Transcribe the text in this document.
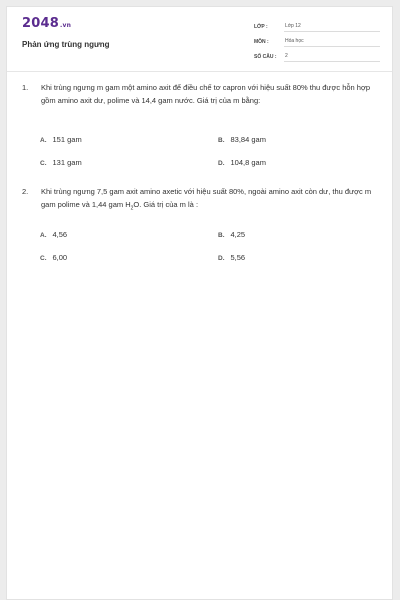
2048.vn
Phản ứng trùng ngưng
LỚP :	Lớp 12
MÔN :	Hóa học
SỐ CÂU :	2
1.	Khi trùng ngưng m gam một amino axit để điều chế tơ capron với hiệu suất 80% thu được hỗn hợp gồm amino axit dư, polime và 14,4 gam nước. Giá trị của m bằng:
A. 151 gam	B. 83,84 gam
C. 131 gam	D. 104,8 gam
2.	Khi trùng ngưng 7,5 gam axit amino axetic với hiệu suất 80%, ngoài amino axit còn dư, thu được m gam polime và 1,44 gam $H_2O$. Giá trị của m là :
A. 4,56	B. 4,25
C. 6,00	D. 5,56
